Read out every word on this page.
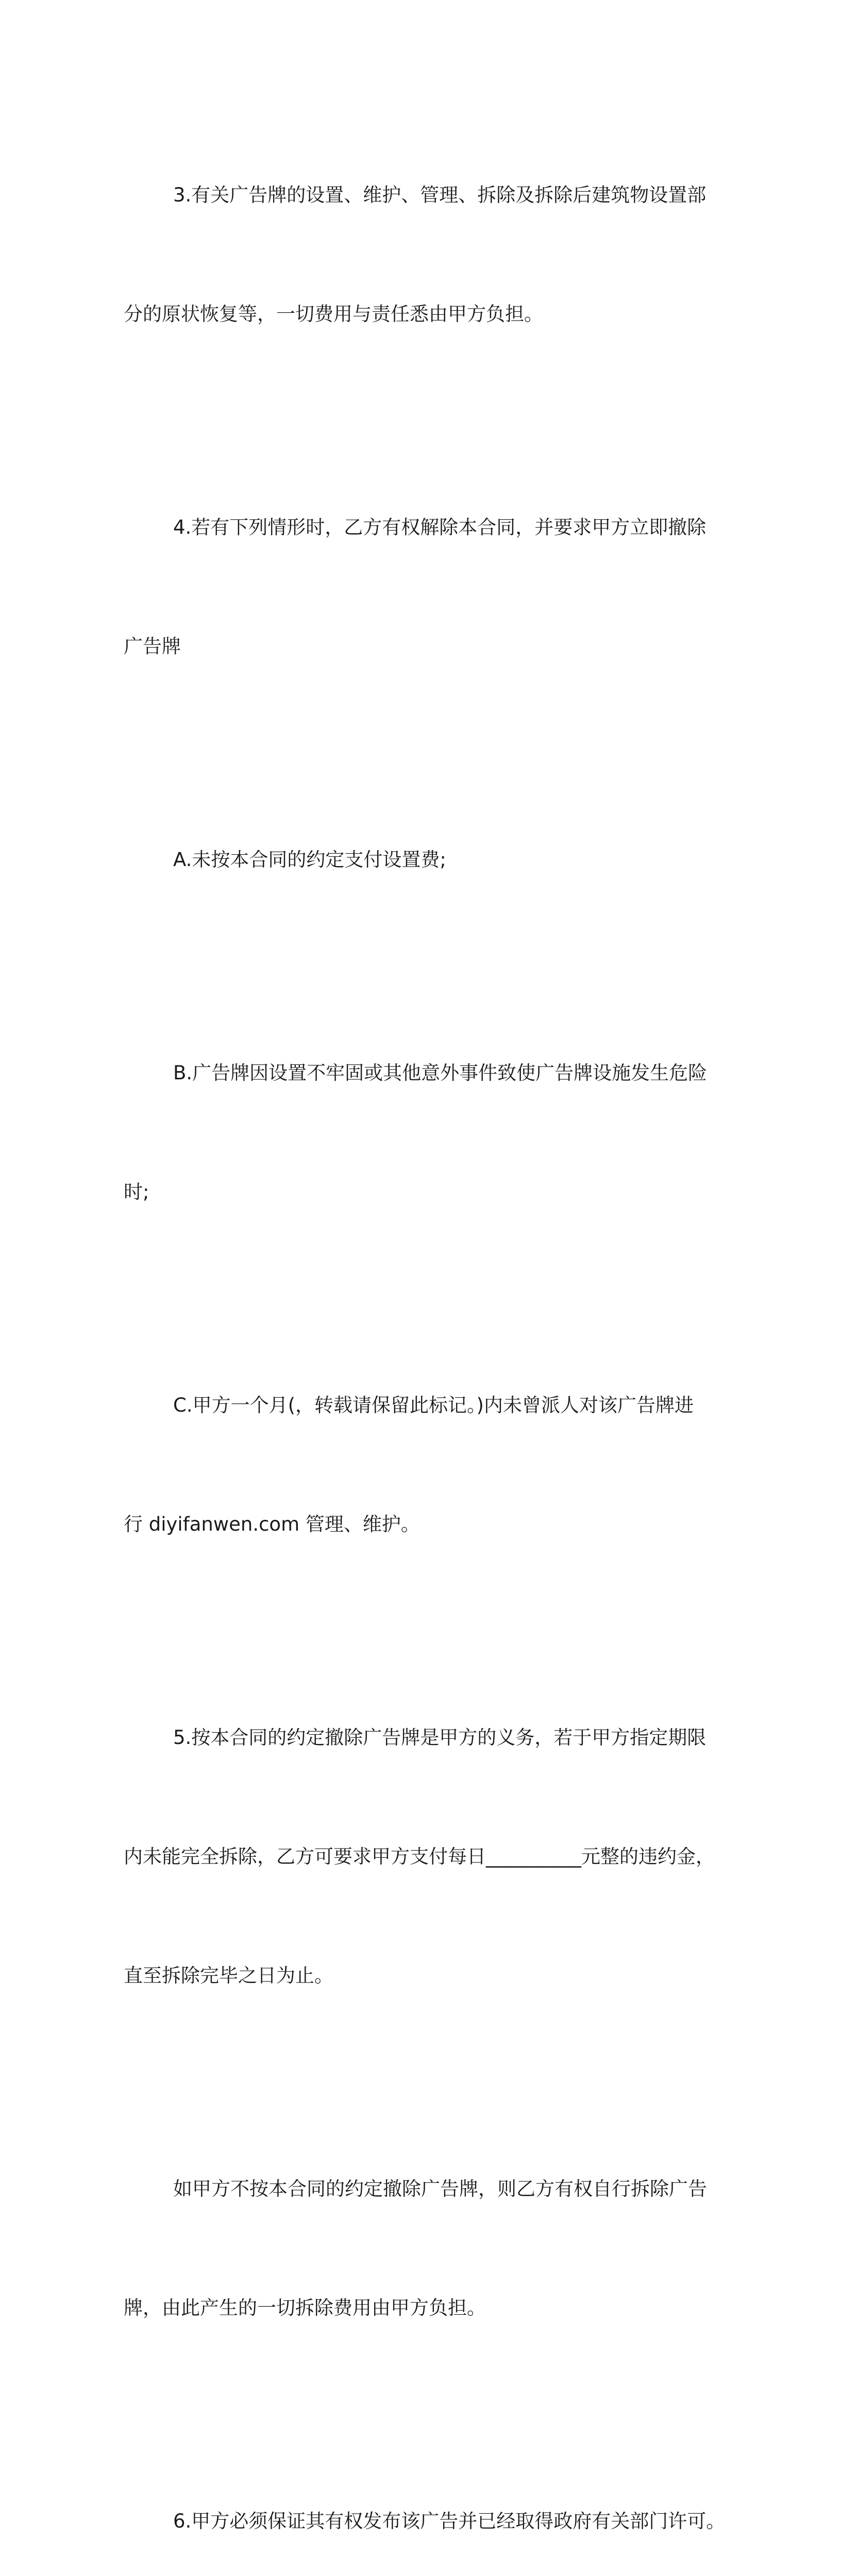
3.有关广告牌的设置、维护、管理、拆除及拆除后建筑物设置部

分的原状恢复等，一切费用与责任悉由甲方负担。

4.若有下列情形时，乙方有权解除本合同，并要求甲方立即撤除

广告牌

A.未按本合同的约定支付设置费;

B.广告牌因设置不牢固或其他意外事件致使广告牌设施发生危险

时;

C.甲方一个月(，转载请保留此标记。)内未曾派人对该广告牌进

行 diyifanwen.com 管理、维护。

5.按本合同的约定撤除广告牌是甲方的义务，若于甲方指定期限

内未能完全拆除，乙方可要求甲方支付每日__________元整的违约金，

直至拆除完毕之日为止。

如甲方不按本合同的约定撤除广告牌，则乙方有权自行拆除广告

牌，由此产生的一切拆除费用由甲方负担。

6.甲方必须保证其有权发布该广告并已经取得政府有关部门许可。
